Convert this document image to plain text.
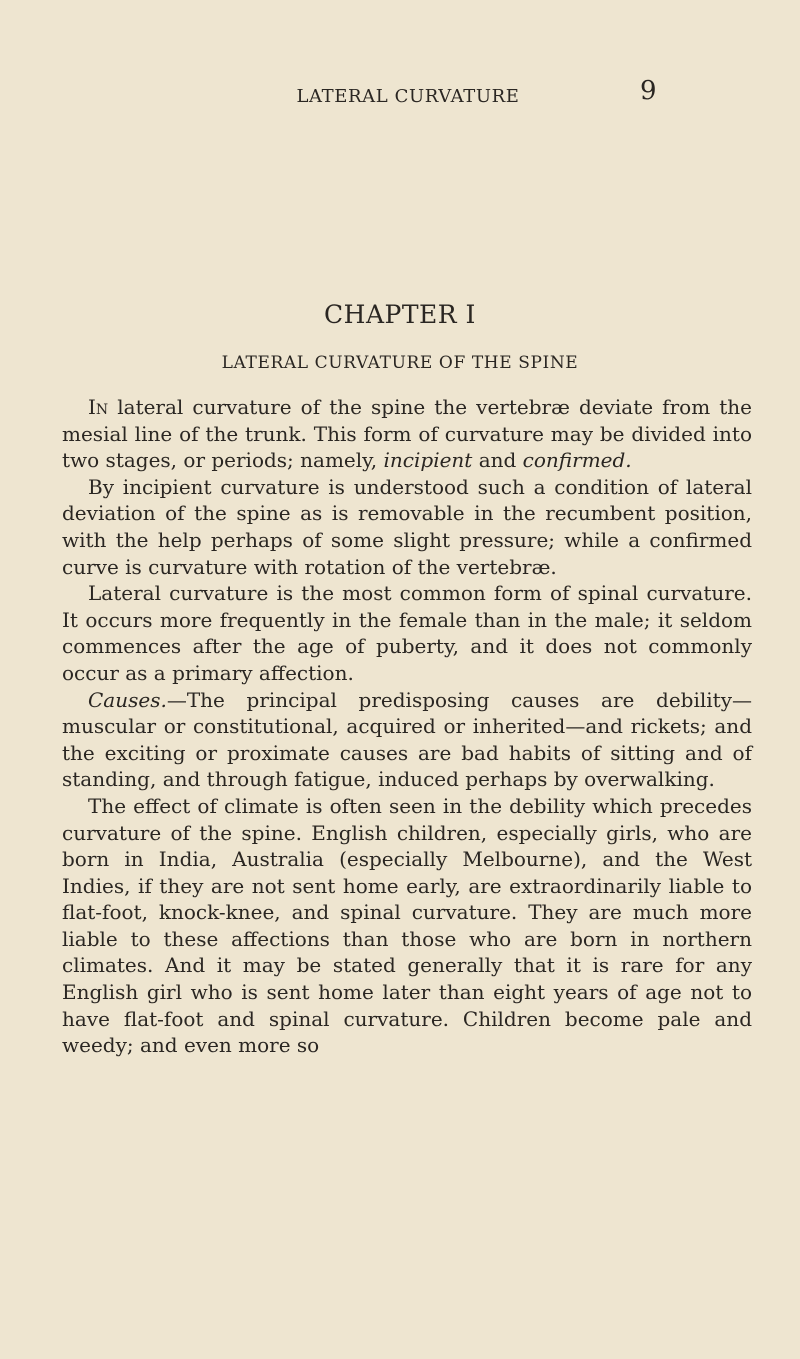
LATERAL CURVATURE	9
CHAPTER I
LATERAL CURVATURE OF THE SPINE

In lateral curvature of the spine the vertebræ deviate from the mesial line of the trunk. This form of curvature may be divided into two stages, or periods; namely, incipient and confirmed.

By incipient curvature is understood such a condition of lateral deviation of the spine as is removable in the recumbent position, with the help perhaps of some slight pressure; while a confirmed curve is curvature with rotation of the vertebræ.

Lateral curvature is the most common form of spinal curvature. It occurs more frequently in the female than in the male; it seldom commences after the age of puberty, and it does not commonly occur as a primary affection.

Causes.—The principal predisposing causes are debility—muscular or constitutional, acquired or inherited—and rickets; and the exciting or proximate causes are bad habits of sitting and of standing, and through fatigue, induced perhaps by overwalking.

The effect of climate is often seen in the debility which precedes curvature of the spine. English children, especially girls, who are born in India, Australia (especially Melbourne), and the West Indies, if they are not sent home early, are extraordinarily liable to flat-foot, knock-knee, and spinal curvature. They are much more liable to these affections than those who are born in northern climates. And it may be stated generally that it is rare for any English girl who is sent home later than eight years of age not to have flat-foot and spinal curvature. Children become pale and weedy; and even more so
